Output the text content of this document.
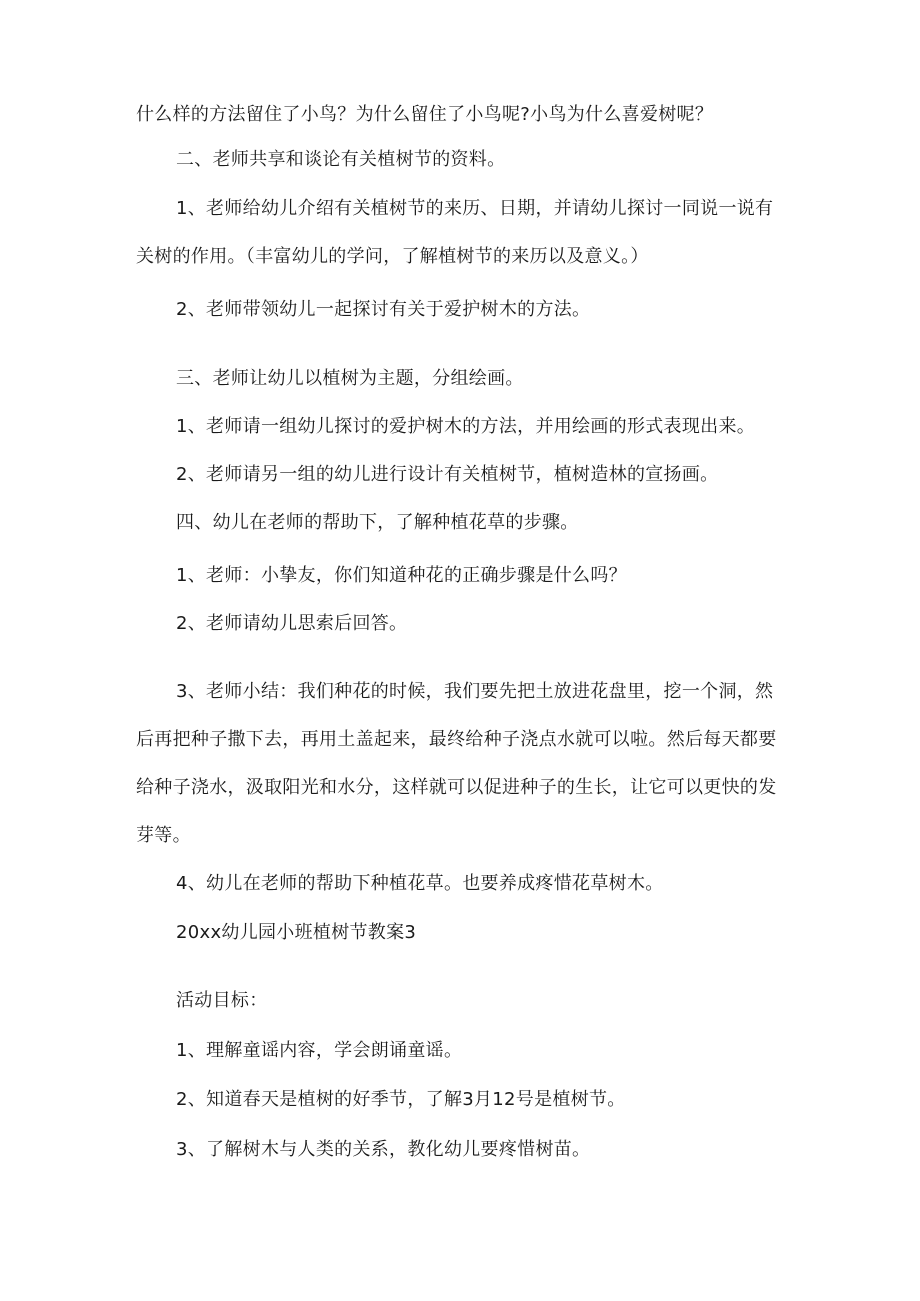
什么样的方法留住了小鸟？为什么留住了小鸟呢?小鸟为什么喜爱树呢？
二、老师共享和谈论有关植树节的资料。
1、老师给幼儿介绍有关植树节的来历、日期，并请幼儿探讨一同说一说有
关树的作用。（丰富幼儿的学问，了解植树节的来历以及意义。）
2、老师带领幼儿一起探讨有关于爱护树木的方法。
三、老师让幼儿以植树为主题，分组绘画。
1、老师请一组幼儿探讨的爱护树木的方法，并用绘画的形式表现出来。
2、老师请另一组的幼儿进行设计有关植树节，植树造林的宣扬画。
四、幼儿在老师的帮助下，了解种植花草的步骤。
1、老师：小挚友，你们知道种花的正确步骤是什么吗？
2、老师请幼儿思索后回答。
3、老师小结：我们种花的时候，我们要先把土放进花盘里，挖一个洞，然
后再把种子撒下去，再用土盖起来，最终给种子浇点水就可以啦。然后每天都要
给种子浇水，汲取阳光和水分，这样就可以促进种子的生长，让它可以更快的发
芽等。
4、幼儿在老师的帮助下种植花草。也要养成疼惜花草树木。
20xx幼儿园小班植树节教案3
活动目标：
1、理解童谣内容，学会朗诵童谣。
2、知道春天是植树的好季节，了解3月12号是植树节。
3、了解树木与人类的关系，教化幼儿要疼惜树苗。
